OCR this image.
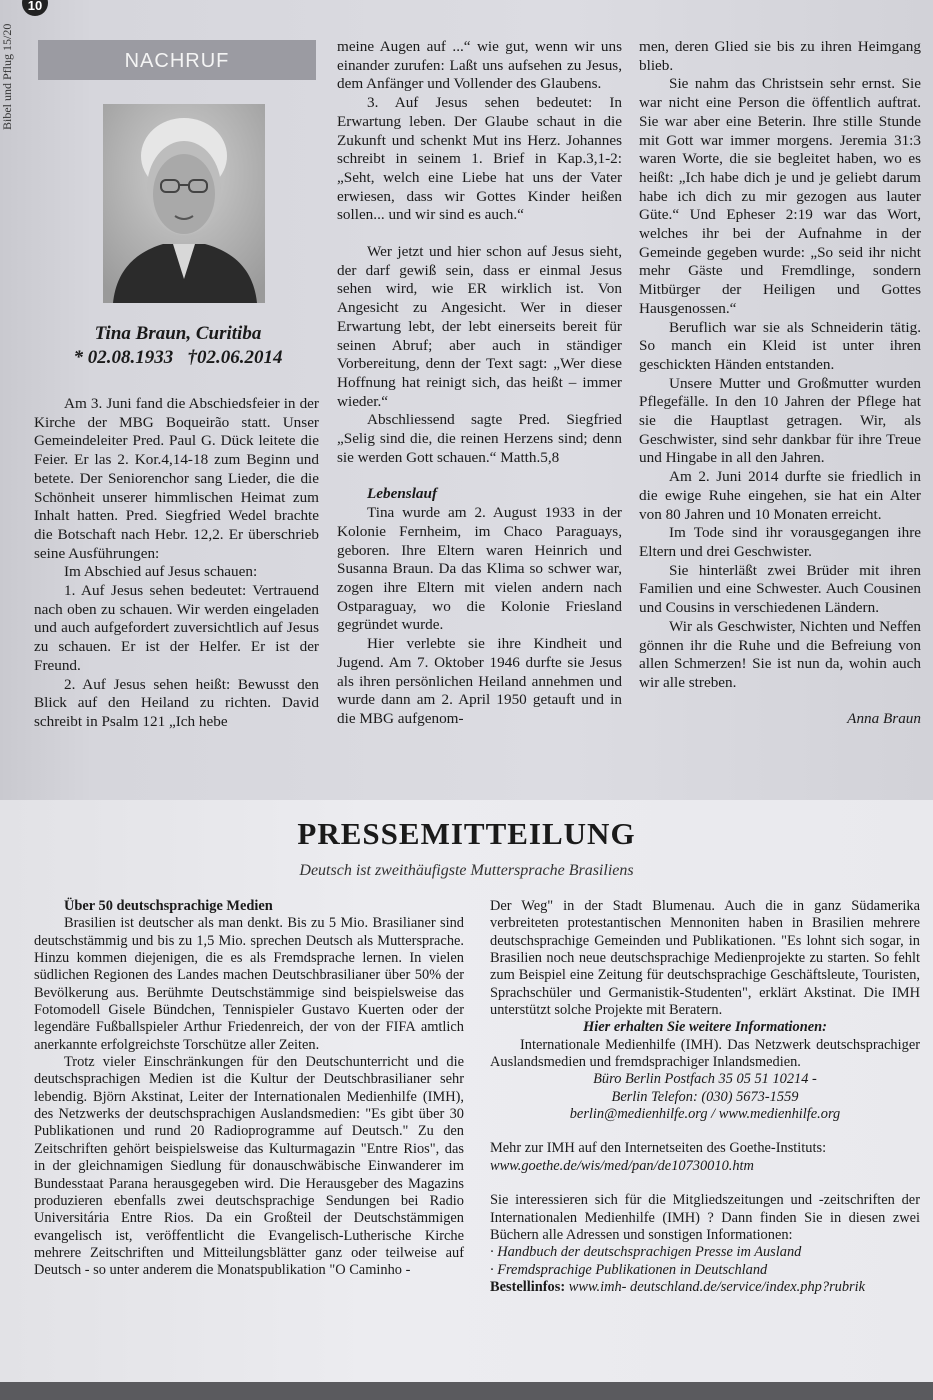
Bibel und Pflug 15/20
10
NACHRUF
Tina Braun, Curitiba
* 02.08.1933   †02.06.2014

Am 3. Juni fand die Abschiedsfeier in der Kirche der MBG Boqueirão statt. Unser Gemeindeleiter Pred. Paul G. Dück leitete die Feier. Er las 2. Kor.4,14-18 zum Beginn und betete. Der Seniorenchor sang Lieder, die die Schönheit unserer himmlischen Heimat zum Inhalt hatten. Pred. Siegfried Wedel brachte die Botschaft nach Hebr. 12,2. Er überschrieb seine Ausführungen:

Im Abschied auf Jesus schauen:

1. Auf Jesus sehen bedeutet: Vertrauend nach oben zu schauen. Wir werden eingeladen und auch aufgefordert zuversichtlich auf Jesus zu schauen. Er ist der Helfer. Er ist der Freund.

2. Auf Jesus sehen heißt: Bewusst den Blick auf den Heiland zu richten. David schreibt in Psalm 121 „Ich hebe

meine Augen auf ...“ wie gut, wenn wir uns einander zurufen: Laßt uns aufsehen zu Jesus, dem Anfänger und Vollender des Glaubens.

3. Auf Jesus sehen bedeutet: In Erwartung leben. Der Glaube schaut in die Zukunft und schenkt Mut ins Herz. Johannes schreibt in seinem 1. Brief in Kap.3,1-2: „Seht, welch eine Liebe hat uns der Vater erwiesen, dass wir Gottes Kinder heißen sollen... und wir sind es auch.“

Wer jetzt und hier schon auf Jesus sieht, der darf gewiß sein, dass er einmal Jesus sehen wird, wie ER wirklich ist. Von Angesicht zu Angesicht. Wer in dieser Erwartung lebt, der lebt einerseits bereit für seinen Abruf; aber auch in ständiger Vorbereitung, denn der Text sagt: „Wer diese Hoffnung hat reinigt sich, das heißt – immer wieder.“

Abschliessend sagte Pred. Siegfried „Selig sind die, die reinen Herzens sind; denn sie werden Gott schauen.“ Matth.5,8

Lebenslauf

Tina wurde am 2. August 1933 in der Kolonie Fernheim, im Chaco Paraguays, geboren. Ihre Eltern waren Heinrich und Susanna Braun. Da das Klima so schwer war, zogen ihre Eltern mit vielen andern nach Ostparaguay, wo die Kolonie Friesland gegründet wurde.

Hier verlebte sie ihre Kindheit und Jugend. Am 7. Oktober 1946 durfte sie Jesus als ihren persönlichen Heiland annehmen und wurde dann am 2. April 1950 getauft und in die MBG aufgenom-

men, deren Glied sie bis zu ihren Heimgang blieb.

Sie nahm das Christsein sehr ernst. Sie war nicht eine Person die öffentlich auftrat. Sie war aber eine Beterin. Ihre stille Stunde mit Gott war immer morgens. Jeremia 31:3 waren Worte, die sie begleitet haben, wo es heißt: „Ich habe dich je und je geliebt darum habe ich dich zu mir gezogen aus lauter Güte.“ Und Epheser 2:19 war das Wort, welches ihr bei der Aufnahme in der Gemeinde gegeben wurde: „So seid ihr nicht mehr Gäste und Fremdlinge, sondern Mitbürger der Heiligen und Gottes Hausgenossen.“

Beruflich war sie als Schneiderin tätig. So manch ein Kleid ist unter ihren geschickten Händen entstanden.

Unsere Mutter und Großmutter wurden Pflegefälle. In den 10 Jahren der Pflege hat sie die Hauptlast getragen. Wir, als Geschwister, sind sehr dankbar für ihre Treue und Hingabe in all den Jahren.

Am 2. Juni 2014 durfte sie friedlich in die ewige Ruhe eingehen, sie hat ein Alter von 80 Jahren und 10 Monaten erreicht.

Im Tode sind ihr vorausgegangen ihre Eltern und drei Geschwister.

Sie hinterläßt zwei Brüder mit ihren Familien und eine Schwester. Auch Cousinen und Cousins in verschiedenen Ländern.

Wir als Geschwister, Nichten und Neffen gönnen ihr die Ruhe und die Befreiung von allen Schmerzen! Sie ist nun da, wohin auch wir alle streben.

Anna Braun

PRESSEMITTEILUNG
Deutsch ist zweithäufigste Muttersprache Brasiliens

Über 50 deutschsprachige Medien

Brasilien ist deutscher als man denkt. Bis zu 5 Mio. Brasilianer sind deutschstämmig und bis zu 1,5 Mio. sprechen Deutsch als Muttersprache. Hinzu kommen diejenigen, die es als Fremdsprache lernen. In vielen südlichen Regionen des Landes machen Deutschbrasilianer über 50% der Bevölkerung aus. Berühmte Deutschstämmige sind beispielsweise das Fotomodell Gisele Bündchen, Tennispieler Gustavo Kuerten oder der legendäre Fußballspieler Arthur Friedenreich, der von der FIFA amtlich anerkannte erfolgreichste Torschütze aller Zeiten.

Trotz vieler Einschränkungen für den Deutschunterricht und die deutschsprachigen Medien ist die Kultur der Deutschbrasilianer sehr lebendig. Björn Akstinat, Leiter der Internationalen Medienhilfe (IMH), des Netzwerks der deutschsprachigen Auslandsmedien: "Es gibt über 30 Publikationen und rund 20 Radioprogramme auf Deutsch." Zu den Zeitschriften gehört beispielsweise das Kulturmagazin "Entre Rios", das in der gleichnamigen Siedlung für donauschwäbische Einwanderer im Bundesstaat Parana herausgegeben wird. Die Herausgeber des Magazins produzieren ebenfalls zwei deutschsprachige Sendungen bei Radio Universitária Entre Rios. Da ein Großteil der Deutschstämmigen evangelisch ist, veröffentlicht die Evangelisch-Lutherische Kirche mehrere Zeitschriften und Mitteilungsblätter ganz oder teilweise auf Deutsch - so unter anderem die Monatspublikation "O Caminho -

Der Weg" in der Stadt Blumenau. Auch die in ganz Südamerika verbreiteten protestantischen Mennoniten haben in Brasilien mehrere deutschsprachige Gemeinden und Publikationen. "Es lohnt sich sogar, in Brasilien noch neue deutschsprachige Medienprojekte zu starten. So fehlt zum Beispiel eine Zeitung für deutschsprachige Geschäftsleute, Touristen, Sprachschüler und Germanistik-Studenten", erklärt Akstinat. Die IMH unterstützt solche Projekte mit Beratern.

Hier erhalten Sie weitere Informationen:

Internationale Medienhilfe (IMH). Das Netzwerk deutschsprachiger Auslandsmedien und fremdsprachiger Inlandsmedien.

Büro Berlin Postfach 35 05 51 10214 -

Berlin Telefon: (030) 5673-1559

berlin@medienhilfe.org / www.medienhilfe.org

Mehr zur IMH auf den Internetseiten des Goethe-Instituts:

www.goethe.de/wis/med/pan/de10730010.htm

Sie interessieren sich für die Mitgliedszeitungen und -zeitschriften der Internationalen Medienhilfe (IMH) ? Dann finden Sie in diesen zwei Büchern alle Adressen und sonstigen Informationen:

· Handbuch der deutschsprachigen Presse im Ausland

· Fremdsprachige Publikationen in Deutschland

Bestellinfos: www.imh- deutschland.de/service/index.php?rubrik
